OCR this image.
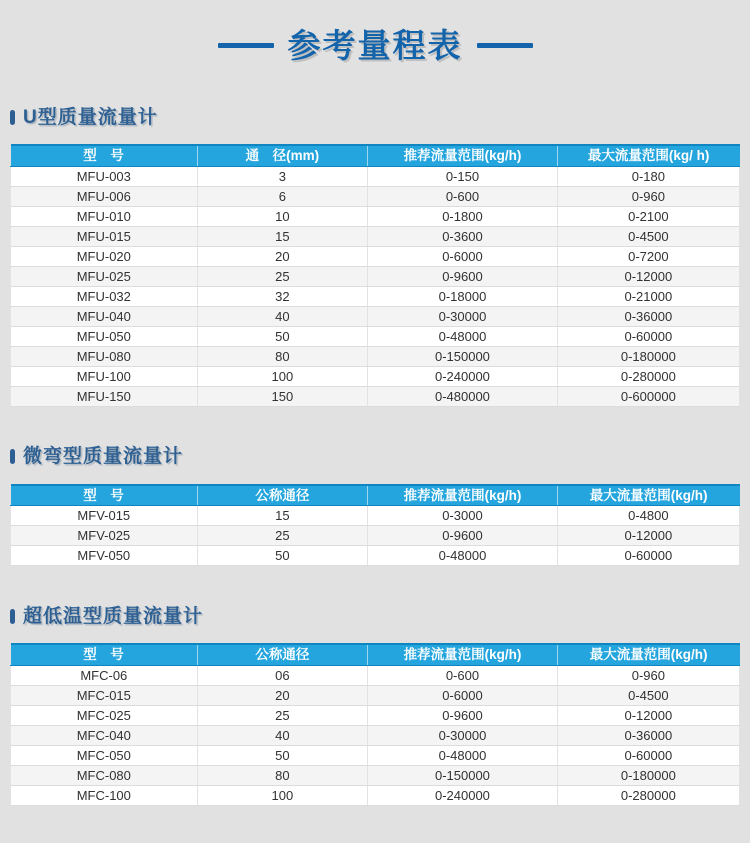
参考量程表
U型质量流量计
型　号	通　径(mm)	推荐流量范围(kg/h)	最大流量范围(kg/ h)
MFU-003	3	0-150	0-180
MFU-006	6	0-600	0-960
MFU-010	10	0-1800	0-2100
MFU-015	15	0-3600	0-4500
MFU-020	20	0-6000	0-7200
MFU-025	25	0-9600	0-12000
MFU-032	32	0-18000	0-21000
MFU-040	40	0-30000	0-36000
MFU-050	50	0-48000	0-60000
MFU-080	80	0-150000	0-180000
MFU-100	100	0-240000	0-280000
MFU-150	150	0-480000	0-600000
微弯型质量流量计
型　号	公称通径	推荐流量范围(kg/h)	最大流量范围(kg/h)
MFV-015	15	0-3000	0-4800
MFV-025	25	0-9600	0-12000
MFV-050	50	0-48000	0-60000
超低温型质量流量计
型　号	公称通径	推荐流量范围(kg/h)	最大流量范围(kg/h)
MFC-06	06	0-600	0-960
MFC-015	20	0-6000	0-4500
MFC-025	25	0-9600	0-12000
MFC-040	40	0-30000	0-36000
MFC-050	50	0-48000	0-60000
MFC-080	80	0-150000	0-180000
MFC-100	100	0-240000	0-280000
